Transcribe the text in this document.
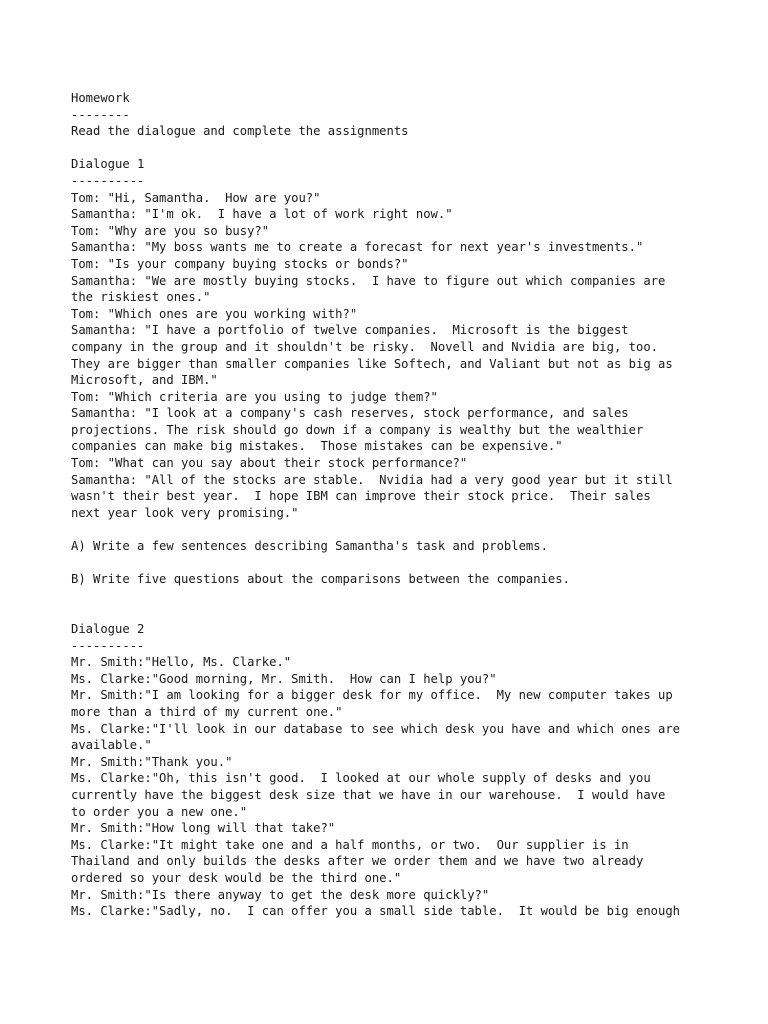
Homework
--------
Read the dialogue and complete the assignments
Dialogue 1
----------
Tom: "Hi, Samantha.  How are you?"
Samantha: "I'm ok.  I have a lot of work right now."
Tom: "Why are you so busy?"
Samantha: "My boss wants me to create a forecast for next year's investments."
Tom: "Is your company buying stocks or bonds?"
Samantha: "We are mostly buying stocks.  I have to figure out which companies are
the riskiest ones."
Tom: "Which ones are you working with?"
Samantha: "I have a portfolio of twelve companies.  Microsoft is the biggest
company in the group and it shouldn't be risky.  Novell and Nvidia are big, too.
They are bigger than smaller companies like Softech, and Valiant but not as big as
Microsoft, and IBM."
Tom: "Which criteria are you using to judge them?"
Samantha: "I look at a company's cash reserves, stock performance, and sales
projections. The risk should go down if a company is wealthy but the wealthier
companies can make big mistakes.  Those mistakes can be expensive."
Tom: "What can you say about their stock performance?"
Samantha: "All of the stocks are stable.  Nvidia had a very good year but it still
wasn't their best year.  I hope IBM can improve their stock price.  Their sales
next year look very promising."
A) Write a few sentences describing Samantha's task and problems.
B) Write five questions about the comparisons between the companies.
Dialogue 2
----------
Mr. Smith:"Hello, Ms. Clarke."
Ms. Clarke:"Good morning, Mr. Smith.  How can I help you?"
Mr. Smith:"I am looking for a bigger desk for my office.  My new computer takes up
more than a third of my current one."
Ms. Clarke:"I'll look in our database to see which desk you have and which ones are
available."
Mr. Smith:"Thank you."
Ms. Clarke:"Oh, this isn't good.  I looked at our whole supply of desks and you
currently have the biggest desk size that we have in our warehouse.  I would have
to order you a new one."
Mr. Smith:"How long will that take?"
Ms. Clarke:"It might take one and a half months, or two.  Our supplier is in
Thailand and only builds the desks after we order them and we have two already
ordered so your desk would be the third one."
Mr. Smith:"Is there anyway to get the desk more quickly?"
Ms. Clarke:"Sadly, no.  I can offer you a small side table.  It would be big enough
